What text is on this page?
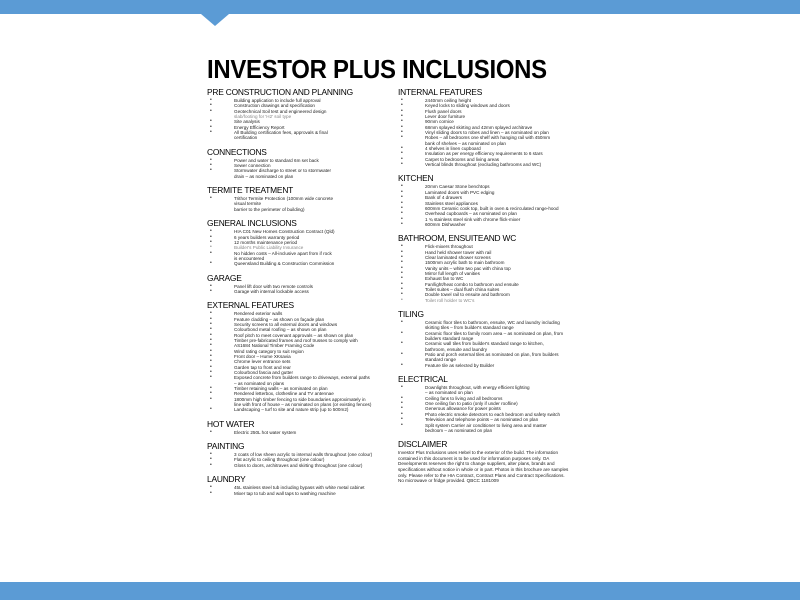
INVESTOR PLUS INCLUSIONS
PRE CONSTRUCTION AND PLANNING
• Building application to include full approval
• Construction drawings and specification
• Geotechnical Soil test and engineered design
slab/footing for 'H2' soil type
• Site analysis
• Energy Efficiency Report
• All Building certification fees, approvals & final
certification
CONNECTIONS
• Power and water to standard 6m set back
• Sewer connection
• Stormwater discharge to street or to stormwater
drain – as nominated on plan
TERMITE TREATMENT
• Trithor Termite Protection (100mm wide concrete
visual termite
barrier to the perimeter of building)
GENERAL INCLUSIONS
• HIA C01 New Homes Construction Contract (Qld)
• 6 years builders warranty period
• 12 months maintenance period
• Builder's Public Liability Insurance
• No hidden costs – All-inclusive apart from if rock
is encountered
• Queensland Building & Construction Commission
GARAGE
• Panel lift door with two remote controls
• Garage with internal lockable access
EXTERNAL FEATURES
• Rendered exterior walls
• Feature cladding – as shown on façade plan
• Security screens to all external doors and windows
• Colourbond metal roofing – as shown on plan
• Roof pitch to meet covenant approvals – as shown on plan
• Timber pre-fabricated frames and roof trusses to comply with
• AS1684 National Timber Framing Code
• Wind rating category to suit region
• Front door – Hume XKsavia
• Chrome lever entrance sets
• Garden tap to front and rear
• Colourbond fascia and gutter
• Exposed concrete from builders range to driveways, external paths
– as nominated on plans
• Timber retaining walls – as nominated on plan
• Rendered letterbox, clothesline and TV antennae
• 1800mm high timber fencing to side boundaries approximately in
line with front of house – as nominated on plans (or existing fences)
• Landscaping – turf to site and nature strip (up to 500m2)
HOT WATER
• Electric 250L hot water system
PAINTING
• 3 coats of low sheen acrylic to internal walls throughout (one colour)
• Flat acrylic to ceiling throughout (one colour)
• Gloss to doors, architraves and skirting throughout (one colour)
LAUNDRY
• 45L stainless steel tub including bypass with white metal cabinet
• Mixer tap to tub and wall taps to washing machine
INTERNAL FEATURES
• 2440mm ceiling height
• Keyed locks to sliding windows and doors
• Flush panel doors
• Lever door furniture
• 90mm cornice
• 68mm splayed skirting and 42mm splayed architrave
• Vinyl sliding doors to robes and linen – as nominated on plan
• Robes – all bedrooms one shelf with hanging rail with 450mm
bank of shelves – as nominated on plan
• 4 shelves in linen cupboard
• Insulation as per energy efficiency requirements to 6 stars
• Carpet to bedrooms and living areas
• Vertical blinds throughout (excluding bathrooms and WC)
KITCHEN
• 20mm Caesar Stone benchtops
• Laminated doors with PVC edging
• Bank of 4 drawers
• Stainless steel appliances
• 600mm Ceramic cook top, built in oven & recirculated range-hood
• Overhead cupboards – as nominated on plan
• 1 ¾ stainless steel sink with chrome flick-mixer
• 600mm Dishwasher
BATHROOM, ENSUITEAND WC
• Flick-mixers throughout
• Hand held shower tower with rail
• Clear laminated shower screens
• 1500mm acrylic bath to main bathroom
• Vanity units – white two pac with china top
• Mirror full length of vanities
• Exhaust fan to WC
• Fan/light/heat combo to bathroom and ensuite
• Toilet suites – dual flush china suites
• Double towel rail to ensuite and bathroom
• Toilet roll holder to WC's
TILING
• Ceramic floor tiles to bathroom, ensuite, WC and laundry including
skirting tiles – from builder's standard range
• Ceramic floor tiles to family room area – as nominated on plan, from
builders standard range
• Ceramic wall tiles from builder's standard range to kitchen,
bathroom, ensuite and laundry
• Patio and porch external tiles as nominated on plan, from builders
standard range
• Feature tile as selected by Builder
ELECTRICAL
• Downlights throughout, with energy efficient lighting
– as nominated on plan
• Ceiling fans to living and all bedrooms
• One ceiling fan to patio (only if under roofline)
• Generous allowance for power points
• Photo electric smoke detectors to each bedroom and safety switch
• Television and telephone points – as nominated on plan
• Split system Carrier air conditioner to living area and master
bedroom – as nominated on plan
DISCLAIMER
Investor Plus Inclusions uses Hebel to the exterior of the build. The information
contained in this document is to be used for information purposes only. OA
Developments reserves the right to change suppliers, alter plans, brands and
specifications without notice in whole or in part. Photos in this brochure are samples
only. Please refer to the HIA Contract, Contract Plans and Contract Specifications.
No microwave or fridge provided. QBCC 1181009
